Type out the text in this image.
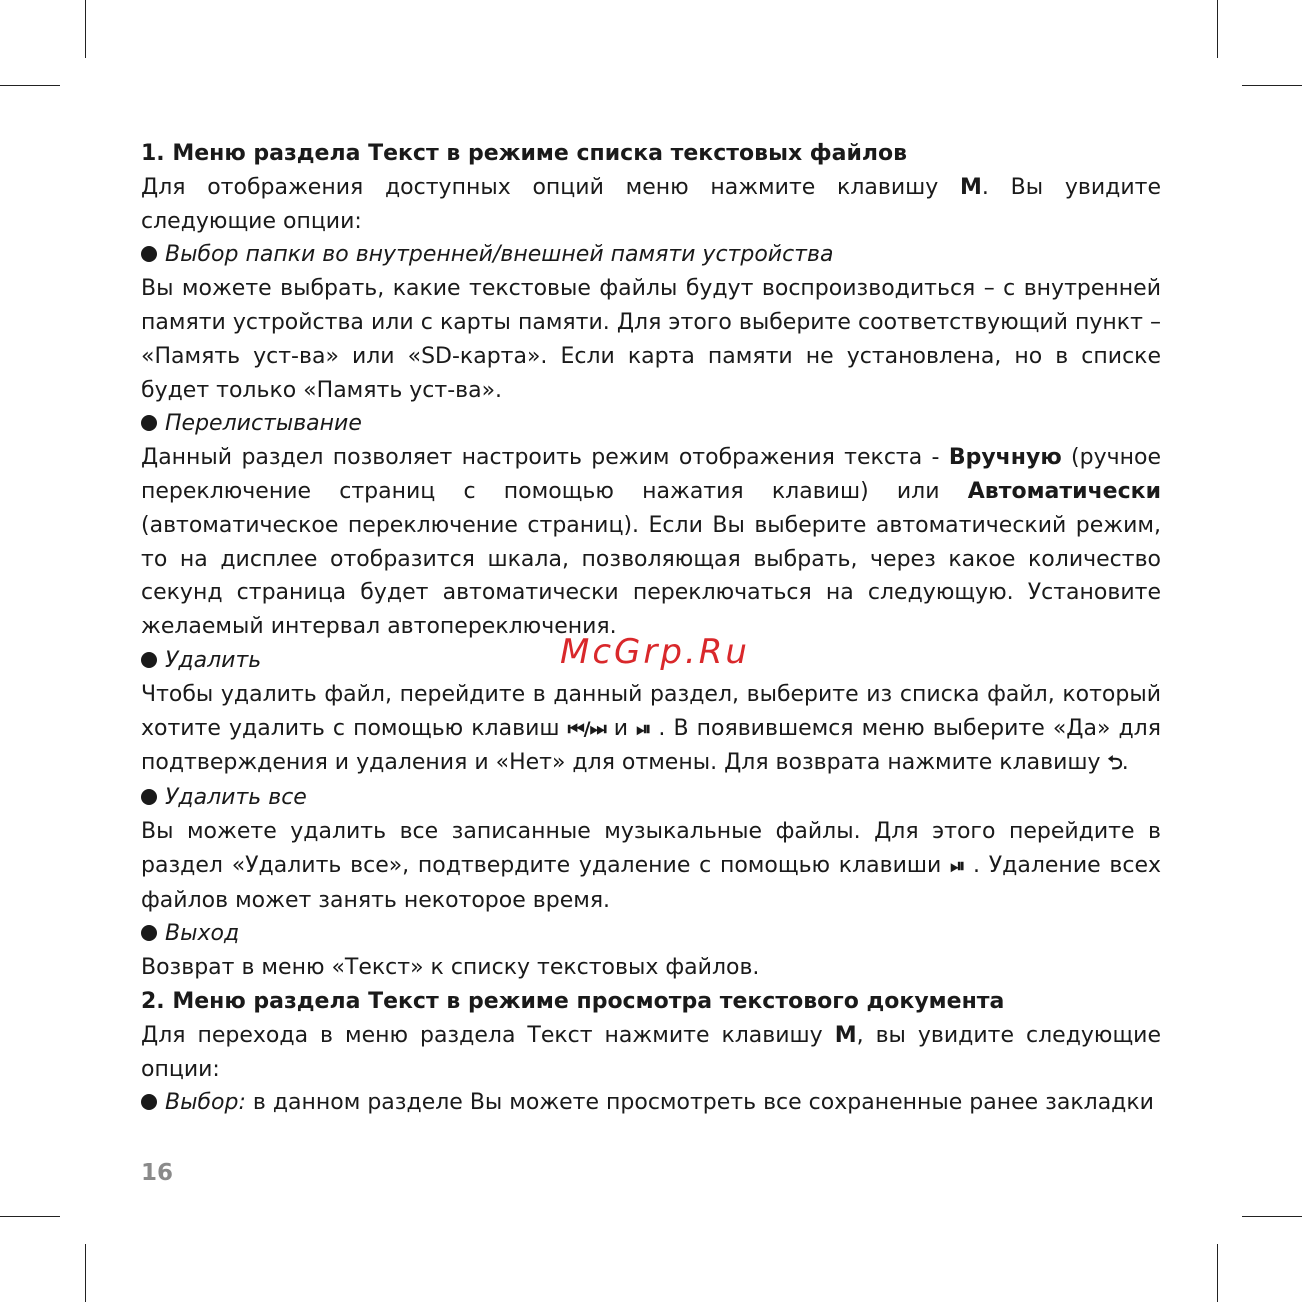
1. Меню раздела Текст в режиме списка текстовых файлов

Для отображения доступных опций меню нажмите клавишу M. Вы увидите следующие опции:

Выбор папки во внутренней/внешней памяти устройства

Вы можете выбрать, какие текстовые файлы будут воспроизводиться – с внутренней памяти устройства или с карты памяти. Для этого выберите соответствующий пункт – «Память уст-ва» или «SD-карта». Если карта памяти не установлена, но в списке будет только «Память уст-ва».

Перелистывание

Данный раздел позволяет настроить режим отображения текста - Вручную (ручное переключение страниц с помощью нажатия клавиш) или Автоматически (автоматическое переключение страниц). Если Вы выберите автоматический режим, то на дисплее отобразится шкала, позволяющая выбрать, через какое количество секунд страница будет автоматически переключаться на следующую. Установите желаемый интервал автопереключения.

Удалить

Чтобы удалить файл, перейдите в данный раздел, выберите из списка файл, который хотите удалить с помощью клавиш ⏮/⏭ и ⏯ . В появившемся меню выберите «Да» для подтверждения и удаления и «Нет» для отмены. Для возврата нажмите клавишу ⮌.

Удалить все

Вы можете удалить все записанные музыкальные файлы. Для этого перейдите в раздел «Удалить все», подтвердите удаление с помощью клавиши ⏯ . Удаление всех файлов может занять некоторое время.

Выход

Возврат в меню «Текст» к списку текстовых файлов.

2. Меню раздела Текст в режиме просмотра текстового документа

Для перехода в меню раздела Текст нажмите клавишу M, вы увидите следующие опции:

Выбор: в данном разделе Вы можете просмотреть все сохраненные ранее закладки

McGrp.Ru
16
